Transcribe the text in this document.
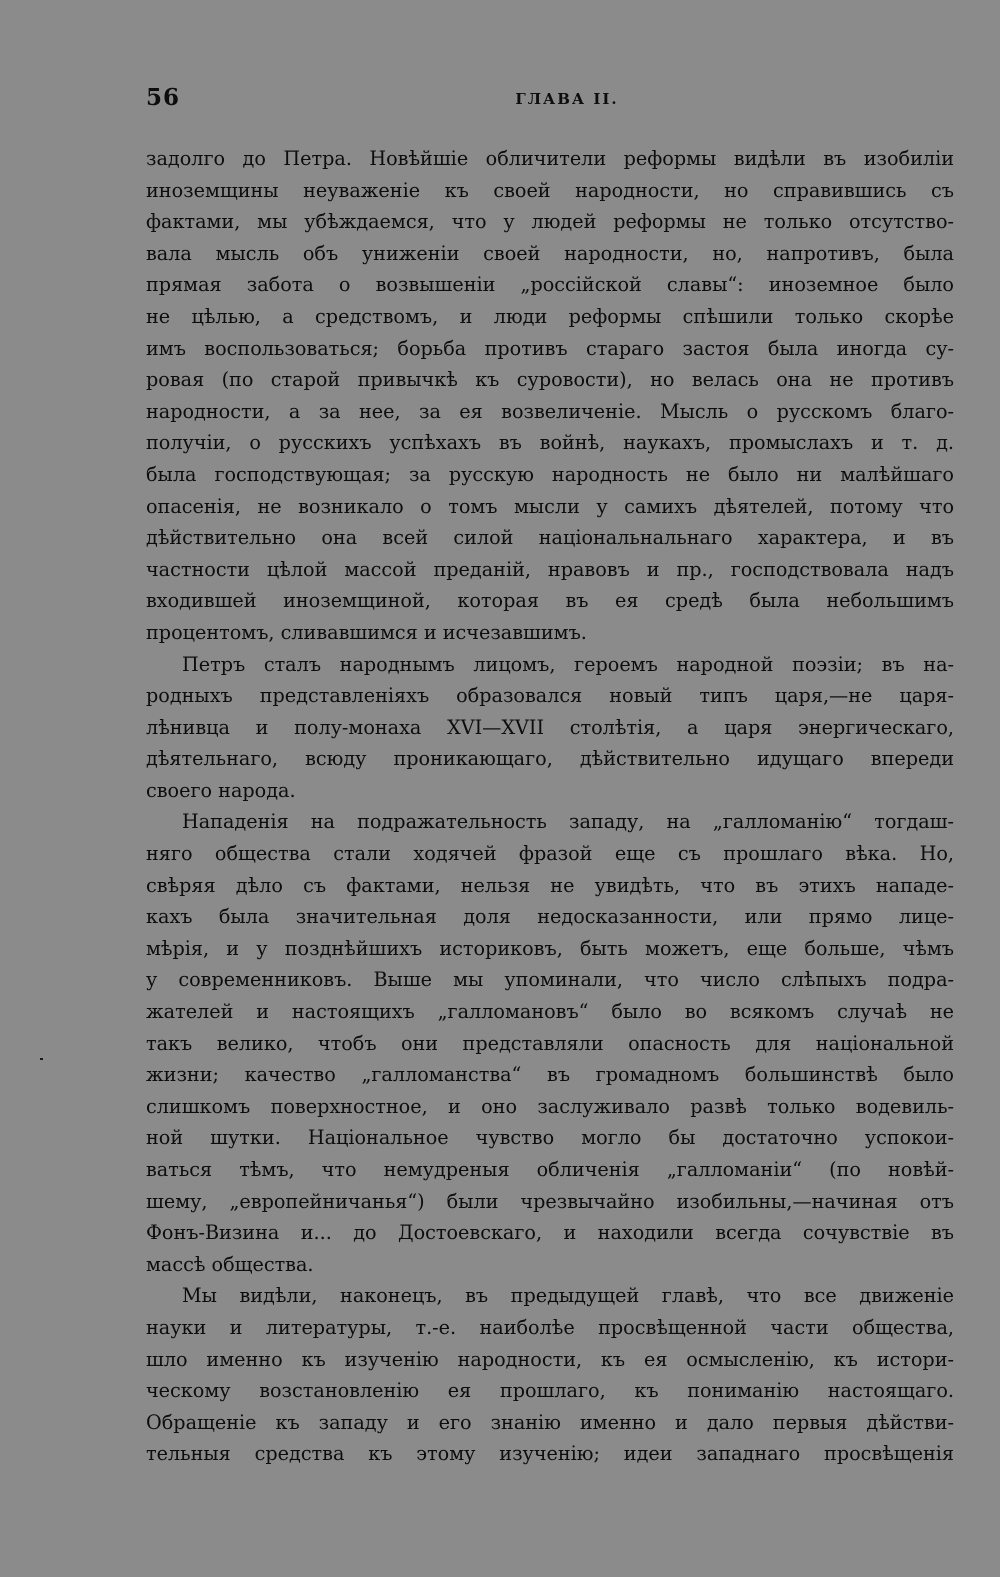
56	ГЛАВА II.
задолго до Петра. Новѣйшіе обличители реформы видѣли въ изобиліи
иноземщины неуваженіе къ своей народности, но справившись съ
фактами, мы убѣждаемся, что у людей реформы не только отсутство-
вала мысль объ униженіи своей народности, но, напротивъ, была
прямая забота о возвышеніи „россійской славы“: иноземное было
не цѣлью, а средствомъ, и люди реформы спѣшили только скорѣе
имъ воспользоваться; борьба противъ стараго застоя была иногда су-
ровая (по старой привычкѣ къ суровости), но велась она не противъ
народности, а за нее, за ея возвеличеніе. Мысль о русскомъ благо-
получіи, о русскихъ успѣхахъ въ войнѣ, наукахъ, промыслахъ и т. д.
была господствующая; за русскую народность не было ни малѣйшаго
опасенія, не возникало о томъ мысли у самихъ дѣятелей, потому что
дѣйствительно она всей силой національнальнаго характера, и въ
частности цѣлой массой преданій, нравовъ и пр., господствовала надъ
входившей иноземщиной, которая въ ея средѣ была небольшимъ
процентомъ, сливавшимся и исчезавшимъ.
Петръ сталъ народнымъ лицомъ, героемъ народной поэзіи; въ на-
родныхъ представленіяхъ образовался новый типъ царя,—не царя-
лѣнивца и полу-монаха XVI—XVII столѣтія, а царя энергическаго,
дѣятельнаго, всюду проникающаго, дѣйствительно идущаго впереди
своего народа.
Нападенія на подражательность западу, на „галломанію“ тогдаш-
няго общества стали ходячей фразой еще съ прошлаго вѣка. Но,
свѣряя дѣло съ фактами, нельзя не увидѣть, что въ этихъ нападе-
кахъ была значительная доля недосказанности, или прямо лице-
мѣрія, и у позднѣйшихъ историковъ, быть можетъ, еще больше, чѣмъ
у современниковъ. Выше мы упоминали, что число слѣпыхъ подра-
жателей и настоящихъ „галломановъ“ было во всякомъ случаѣ не
такъ велико, чтобъ они представляли опасность для національной
жизни; качество „галломанства“ въ громадномъ большинствѣ было
слишкомъ поверхностное, и оно заслуживало развѣ только водевиль-
ной шутки. Національное чувство могло бы достаточно успокои-
ваться тѣмъ, что немудреныя обличенія „галломаніи“ (по новѣй-
шему, „европейничанья“) были чрезвычайно изобильны,—начиная отъ
Фонъ-Визина и... до Достоевскаго, и находили всегда сочувствіе въ
массѣ общества.
Мы видѣли, наконецъ, въ предыдущей главѣ, что все движеніе
науки и литературы, т.-е. наиболѣе просвѣщенной части общества,
шло именно къ изученію народности, къ ея осмысленію, къ истори-
ческому возстановленію ея прошлаго, къ пониманію настоящаго.
Обращеніе къ западу и его знанію именно и дало первыя дѣйстви-
тельныя средства къ этому изученію; идеи западнаго просвѣщенія
